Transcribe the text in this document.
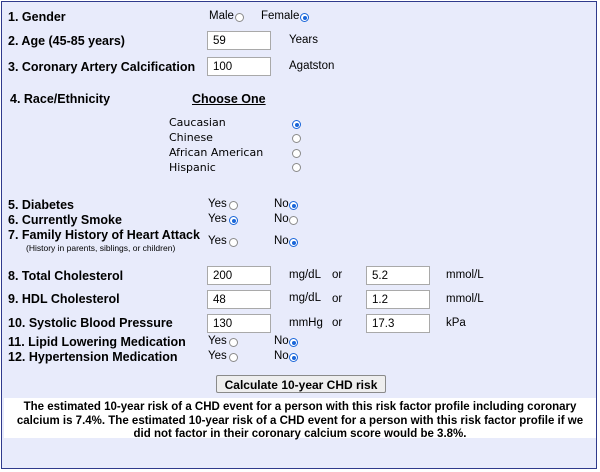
1. Gender	Male Female
2. Age (45-85 years)
59	Years
3. Coronary Artery Calcification
100	Agatston
4. Race/Ethnicity	Choose One
Caucasian
Chinese
African American
Hispanic
5. Diabetes	Yes	No
6. Currently Smoke	Yes	No
7. Family History of Heart Attack
(History in parents, siblings, or children)
Yes	No
8. Total Cholesterol
200	mg/dL or
5.2	mmol/L
9. HDL Cholesterol
48	mg/dL or
1.2	mmol/L
10. Systolic Blood Pressure
130	mmHg or
17.3	kPa
11. Lipid Lowering Medication Yes	No
12. Hypertension Medication	Yes	No
Calculate 10-year CHD risk
The estimated 10-year risk of a CHD event for a person with this risk factor profile including coronary calcium is 7.4%. The estimated 10-year risk of a CHD event for a person with this risk factor profile if we did not factor in their coronary calcium score would be 3.8%.
